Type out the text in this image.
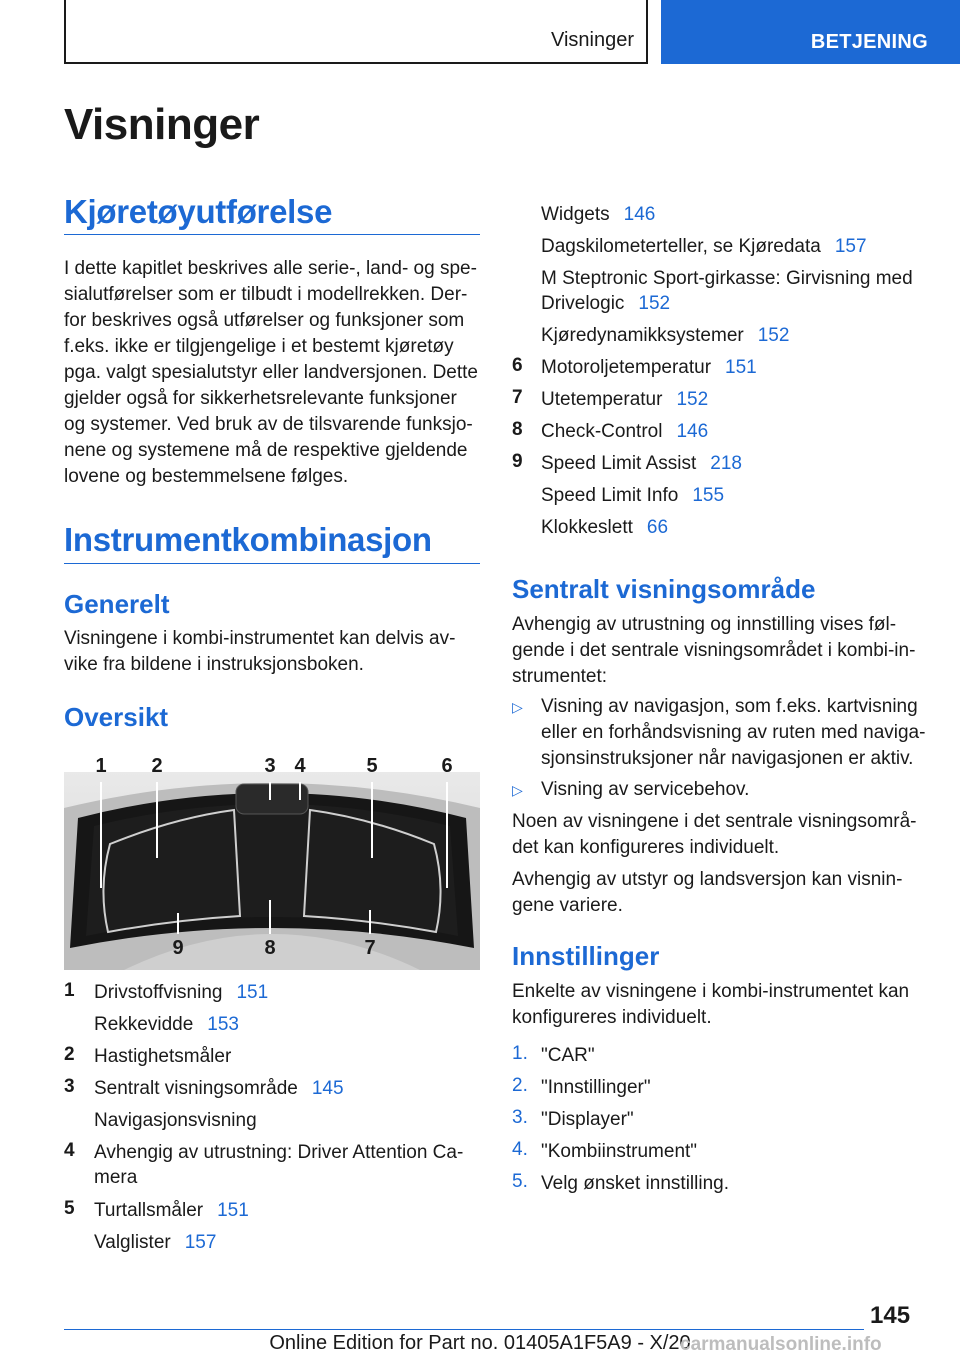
Visninger	BETJENING
Visninger
Kjøretøyutførelse
I dette kapitlet beskrives alle serie-, land- og spe-
sialutførelser som er tilbudt i modellrekken. Der-
for beskrives også utførelser og funksjoner som
f.eks. ikke er tilgjengelige i et bestemt kjøretøy
pga. valgt spesialutstyr eller landversjonen. Dette
gjelder også for sikkerhetsrelevante funksjoner
og systemer. Ved bruk av de tilsvarende funksjo-
nene og systemene må de respektive gjeldende
lovene og bestemmelsene følges.
Instrumentkombinasjon
Generelt
Visningene i kombi-instrumentet kan delvis av-
vike fra bildene i instruksjonsboken.
Oversikt
1 2	3 4	5	6
9	8	7
1 Drivstoffvisning 151
Rekkevidde 153
2 Hastighetsmåler
3 Sentralt visningsområde 145
Navigasjonsvisning
4 Avhengig av utrustning: Driver Attention Ca-
mera
5 Turtallsmåler 151
Valglister 157
Widgets 146
Dagskilometerteller, se Kjøredata 157
M Steptronic Sport-girkasse: Girvisning med
Drivelogic 152
Kjøredynamikksystemer 152
6 Motoroljetemperatur 151
7 Utetemperatur 152
8 Check-Control 146
9 Speed Limit Assist 218
Speed Limit Info 155
Klokkeslett 66
Sentralt visningsområde
Avhengig av utrustning og innstilling vises føl-
gende i det sentrale visningsområdet i kombi-in-
strumentet:
▷ Visning av navigasjon, som f.eks. kartvisning
eller en forhåndsvisning av ruten med naviga-
sjonsinstruksjoner når navigasjonen er aktiv.
▷ Visning av servicebehov.
Noen av visningene i det sentrale visningsområ-
det kan konfigureres individuelt.
Avhengig av utstyr og landsversjon kan visnin-
gene variere.
Innstillinger
Enkelte av visningene i kombi-instrumentet kan
konfigureres individuelt.
1. "CAR"
2. "Innstillinger"
3. "Displayer"
4. "Kombiinstrument"
5. Velg ønsket innstilling.
145
Online Edition for Part no. 01405A1F5A9 - X/20
carmanualsonline.info
